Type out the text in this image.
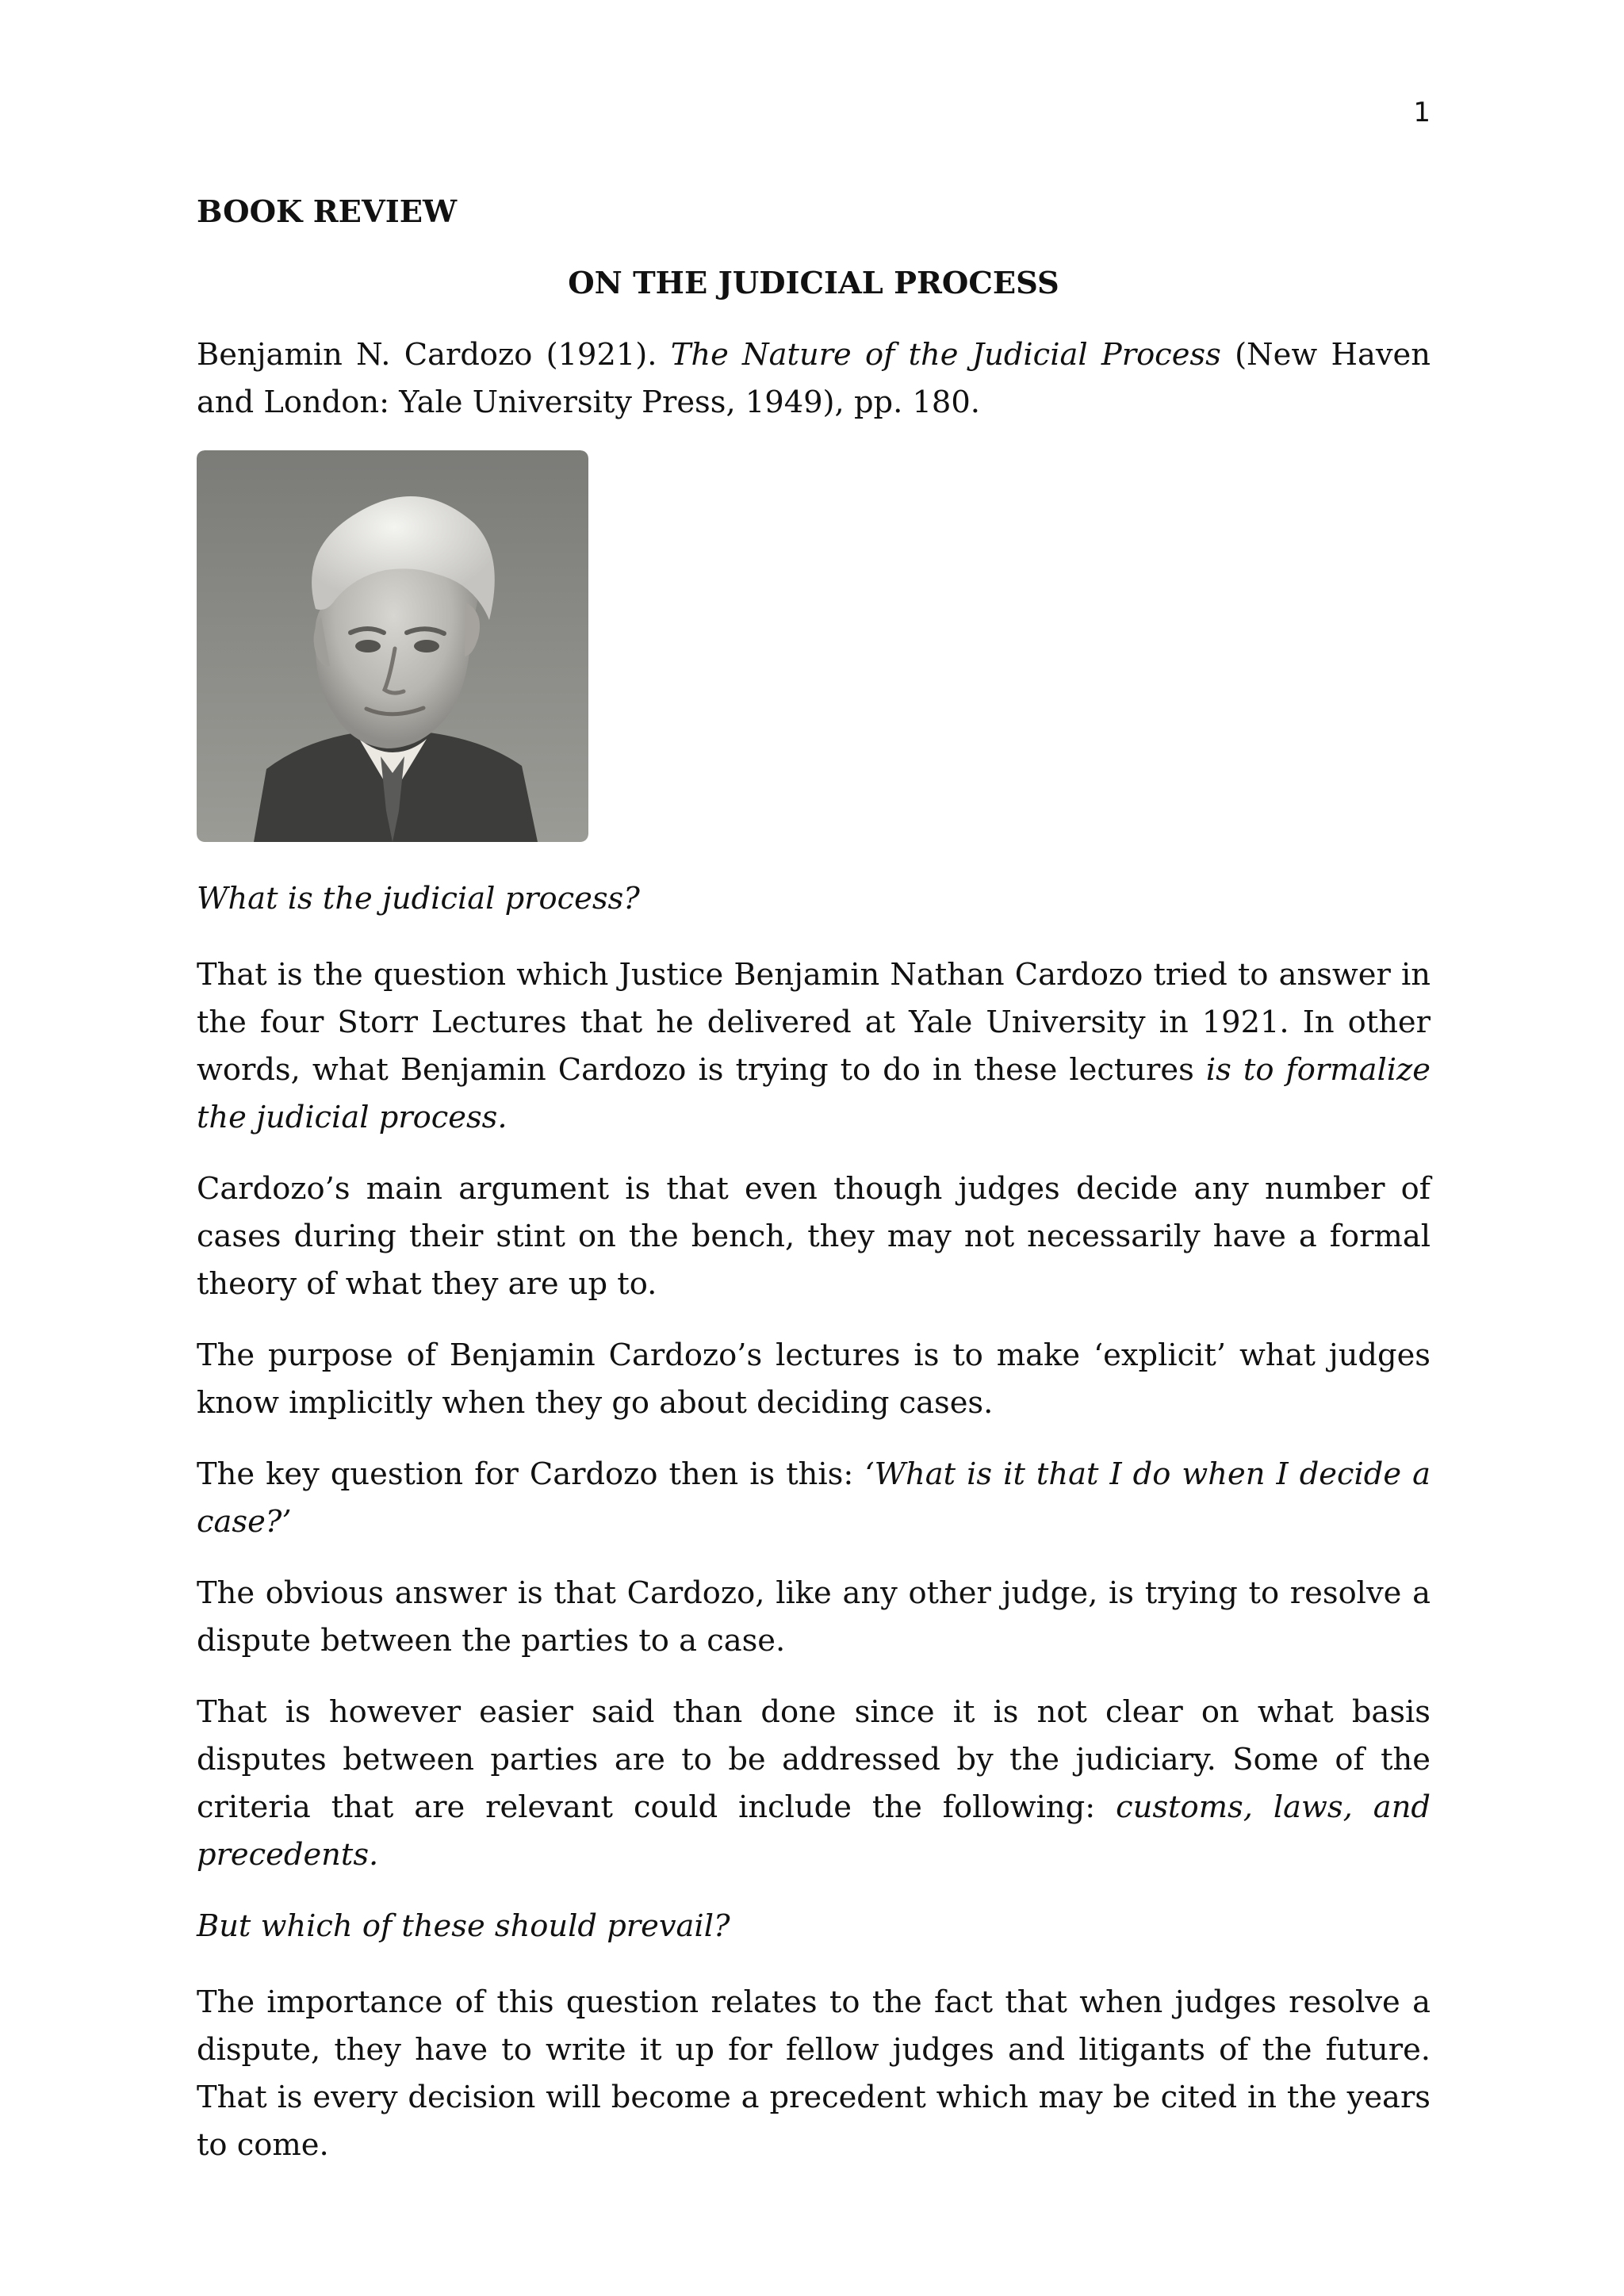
1

BOOK REVIEW

ON THE JUDICIAL PROCESS

Benjamin N. Cardozo (1921). The Nature of the Judicial Process (New Haven and London: Yale University Press, 1949), pp. 180.

What is the judicial process?

That is the question which Justice Benjamin Nathan Cardozo tried to answer in the four Storr Lectures that he delivered at Yale University in 1921. In other words, what Benjamin Cardozo is trying to do in these lectures is to formalize the judicial process.

Cardozo’s main argument is that even though judges decide any number of cases during their stint on the bench, they may not necessarily have a formal theory of what they are up to.

The purpose of Benjamin Cardozo’s lectures is to make ‘explicit’ what judges know implicitly when they go about deciding cases.

The key question for Cardozo then is this: ‘What is it that I do when I decide a case?’

The obvious answer is that Cardozo, like any other judge, is trying to resolve a dispute between the parties to a case.

That is however easier said than done since it is not clear on what basis disputes between parties are to be addressed by the judiciary. Some of the criteria that are relevant could include the following: customs, laws, and precedents.

But which of these should prevail?

The importance of this question relates to the fact that when judges resolve a dispute, they have to write it up for fellow judges and litigants of the future. That is every decision will become a precedent which may be cited in the years to come.
